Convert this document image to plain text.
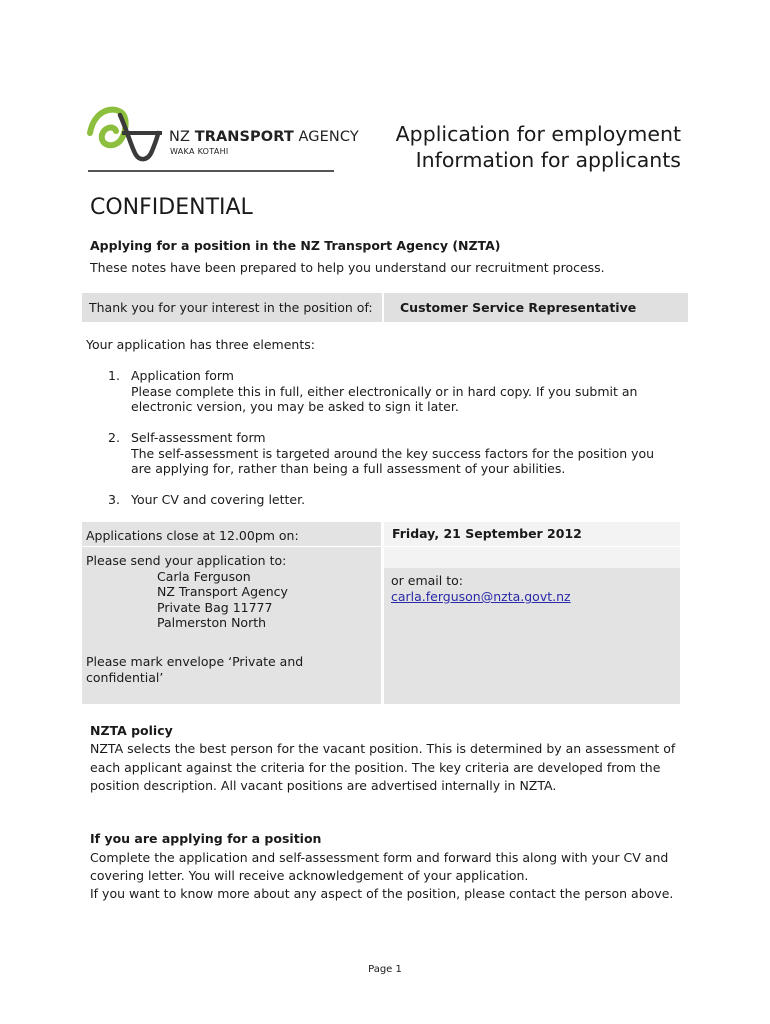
NZ TRANSPORT AGENCY
WAKA KOTAHI
Application for employment
Information for applicants
CONFIDENTIAL
Applying for a position in the NZ Transport Agency (NZTA)
These notes have been prepared to help you understand our recruitment process.
Thank you for your interest in the position of: Customer Service Representative
Your application has three elements:
1. Application form
Please complete this in full, either electronically or in hard copy. If you submit an
electronic version, you may be asked to sign it later.
2. Self-assessment form
The self-assessment is targeted around the key success factors for the position you
are applying for, rather than being a full assessment of your abilities.
3. Your CV and covering letter.
Applications close at 12.00pm on:	Friday, 21 September 2012
Please send your application to:
Carla Ferguson
NZ Transport Agency
Private Bag 11777
Palmerston North
Please mark envelope ‘Private and
confidential’
or email to:
carla.ferguson@nzta.govt.nz
NZTA policy
NZTA selects the best person for the vacant position. This is determined by an assessment of
each applicant against the criteria for the position. The key criteria are developed from the
position description. All vacant positions are advertised internally in NZTA.
If you are applying for a position
Complete the application and self-assessment form and forward this along with your CV and
covering letter. You will receive acknowledgement of your application.
If you want to know more about any aspect of the position, please contact the person above.
Page 1
